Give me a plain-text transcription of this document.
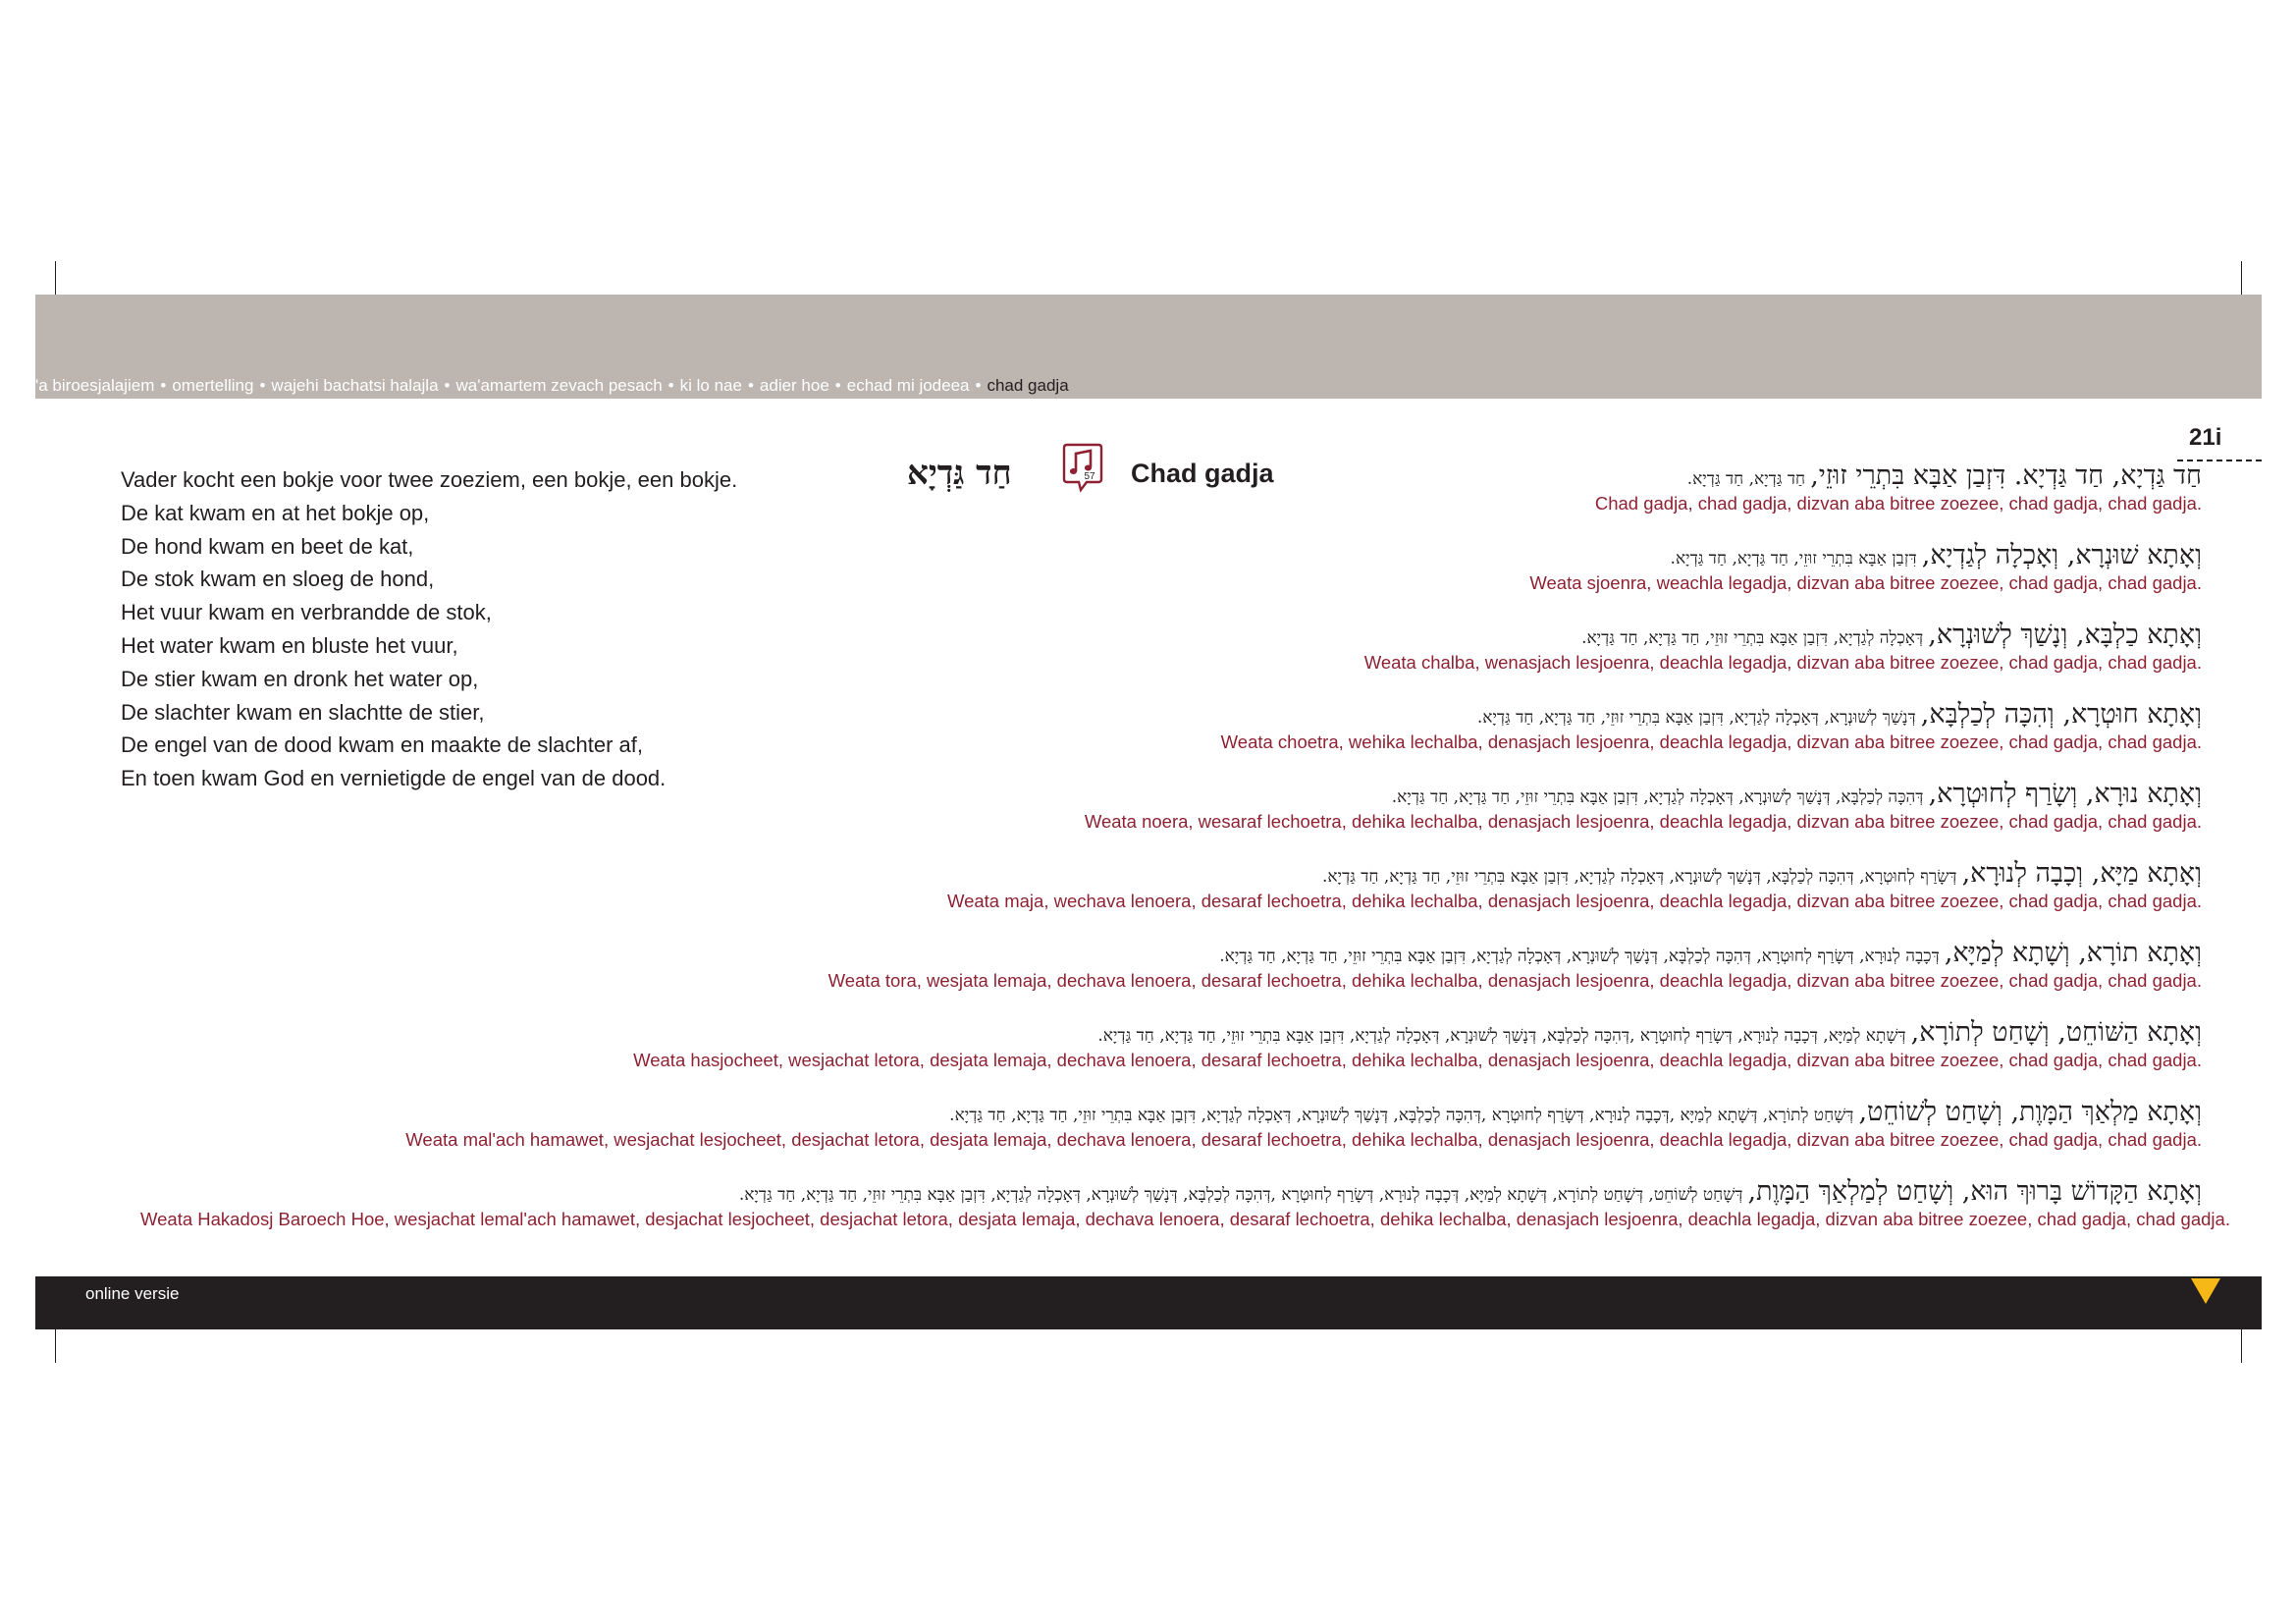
'a biroesjalajiem • omertelling • wajehi bachatsi halajla • wa'amartem zevach pesach • ki lo nae • adier hoe • echad mi jodeea • chad gadja
21i
Vader kocht een bokje voor twee zoeziem, een bokje, een bokje.
De kat kwam en at het bokje op,
De hond kwam en beet de kat,
De stok kwam en sloeg de hond,
Het vuur kwam en verbrandde de stok,
Het water kwam en bluste het vuur,
De stier kwam en dronk het water op,
De slachter kwam en slachtte de stier,
De engel van de dood kwam en maakte de slachter af,
En toen kwam God en vernietigde de engel van de dood.
חַד גַּדְיָא	57 Chad gadja	חַד גַּדְיָא, חַד גַּדְיָא. דִּזְבַן אַבָּא בִּתְרֵי זוּזֵי, חַד גַּדְיָא, חַד גַּדְיָא.
Chad gadja, chad gadja, dizvan aba bitree zoezee, chad gadja, chad gadja.
וְאָתָא שׁוּנְרָא, וְאָכְלָה לְגַדְיָא, דִּזְבַן אַבָּא בִּתְרֵי זוּזֵי, חַד גַּדְיָא, חַד גַּדְיָא.
Weata sjoenra, weachla legadja, dizvan aba bitree zoezee, chad gadja, chad gadja.
וְאָתָא כַלְבָּא, וְנָשַׁךְ לְשׁוּנְרָא, דְּאָכְלָה לְגַדְיָא, דִּזְבַן אַבָּא בִּתְרֵי זוּזֵי, חַד גַּדְיָא, חַד גַּדְיָא.
Weata chalba, wenasjach lesjoenra, deachla legadja, dizvan aba bitree zoezee, chad gadja, chad gadja.
וְאָתָא חוּטְרָא, וְהִכָּה לְכַלְבָּא, דְּנָשַׁךְ לְשׁוּנְרָא, דְּאָכְלָה לְגַדְיָא, דִּזְבַן אַבָּא בִּתְרֵי זוּזֵי, חַד גַּדְיָא, חַד גַּדְיָא.
Weata choetra, wehika lechalba, denasjach lesjoenra, deachla legadja, dizvan aba bitree zoezee, chad gadja, chad gadja.
וְאָתָא נוּרָא, וְשָׂרַף לְחוּטְרָא, דְּהִכָּה לְכַלְבָּא, דְּנָשַׁךְ לְשׁוּנְרָא, דְּאָכְלָה לְגַדְיָא, דִּזְבַן אַבָּא בִּתְרֵי זוּזֵי, חַד גַּדְיָא, חַד גַּדְיָא.
Weata noera, wesaraf lechoetra, dehika lechalba, denasjach lesjoenra, deachla legadja, dizvan aba bitree zoezee, chad gadja, chad gadja.
וְאָתָא מַיָּא, וְכָבָה לְנוּרָא, דְּשָׂרַף לְחוּטְרָא, דְּהִכָּה לְכַלְבָּא, דְּנָשַׁךְ לְשׁוּנְרָא, דְּאָכְלָה לְגַדְיָא, דִּזְבַן אַבָּא בִּתְרֵי זוּזֵי, חַד גַּדְיָא, חַד גַּדְיָא.
Weata maja, wechava lenoera, desaraf lechoetra, dehika lechalba, denasjach lesjoenra, deachla legadja, dizvan aba bitree zoezee, chad gadja, chad gadja.
וְאָתָא תוֹרָא, וְשָׁתָא לְמַיָּא, דְּכָבָה לְנוּרָא, דְּשָׂרַף לְחוּטְרָא, דְּהִכָּה לְכַלְבָּא, דְּנָשַׁךְ לְשׁוּנְרָא, דְּאָכְלָה לְגַדְיָא, דִּזְבַן אַבָּא בִּתְרֵי זוּזֵי, חַד גַּדְיָא, חַד גַּדְיָא.
Weata tora, wesjata lemaja, dechava lenoera, desaraf lechoetra, dehika lechalba, denasjach lesjoenra, deachla legadja, dizvan aba bitree zoezee, chad gadja, chad gadja.
וְאָתָא הַשּׁוֹחֵט, וְשָׁחַט לְתוֹרָא, דְּשָׁתָא לְמַיָּא, דְּכָבָה לְנוּרָא, דְּשָׂרַף לְחוּטְרָא ,דְּהִכָּה לְכַלְבָּא, דְּנָשַׁךְ לְשׁוּנְרָא, דְּאָכְלָה לְגַדְיָא, דִּזְבַן אַבָּא בִּתְרֵי זוּזֵי, חַד גַּדְיָא, חַד גַּדְיָא.
Weata hasjocheet, wesjachat letora, desjata lemaja, dechava lenoera, desaraf lechoetra, dehika lechalba, denasjach lesjoenra, deachla legadja, dizvan aba bitree zoezee, chad gadja, chad gadja.
וְאָתָא מַלְאַךְ הַמָּוֶת, וְשָׁחַט לְשׁוֹחֵט, דְּשָׁחַט לְתוֹרָא, דְּשָׁתָא לְמַיָּא ,דְּכָבָה לְנוּרָא, דְּשָׂרַף לְחוּטְרָא ,דְּהִכָּה לְכַלְבָּא, דְּנָשַׁךְ לְשׁוּנְרָא, דְּאָכְלָה לְגַדְיָא, דִּזְבַן אַבָּא בִּתְרֵי זוּזֵי, חַד גַּדְיָא, חַד גַּדְיָא.
Weata mal'ach hamawet, wesjachat lesjocheet, desjachat letora, desjata lemaja, dechava lenoera, desaraf lechoetra, dehika lechalba, denasjach lesjoenra, deachla legadja, dizvan aba bitree zoezee, chad gadja, chad gadja.
וְאָתָא הַקָּדוֹשׁ בָּרוּךְ הוּא, וְשָׁחַט לְמַלְאַךְ הַמָּוֶת, דְּשָׁחַט לְשׁוֹחֵט, דְּשָׁחַט לְתוֹרָא, דְּשָׁתָא לְמַיָּא, דְּכָבָה לְנוּרָא, דְּשָׂרַף לְחוּטְרָא ,דְּהִכָּה לְכַלְבָּא, דְּנָשַׁךְ לְשׁוּנְרָא, דְּאָכְלָה לְגַדְיָא, דִּזְבַן אַבָּא בִּתְרֵי זוּזֵי, חַד גַּדְיָא, חַד גַּדְיָא.
Weata Hakadosj Baroech Hoe, wesjachat lemal'ach hamawet, desjachat lesjocheet, desjachat letora, desjata lemaja, dechava lenoera, desaraf lechoetra, dehika lechalba, denasjach lesjoenra, deachla legadja, dizvan aba bitree zoezee, chad gadja, chad gadja.
online versie
